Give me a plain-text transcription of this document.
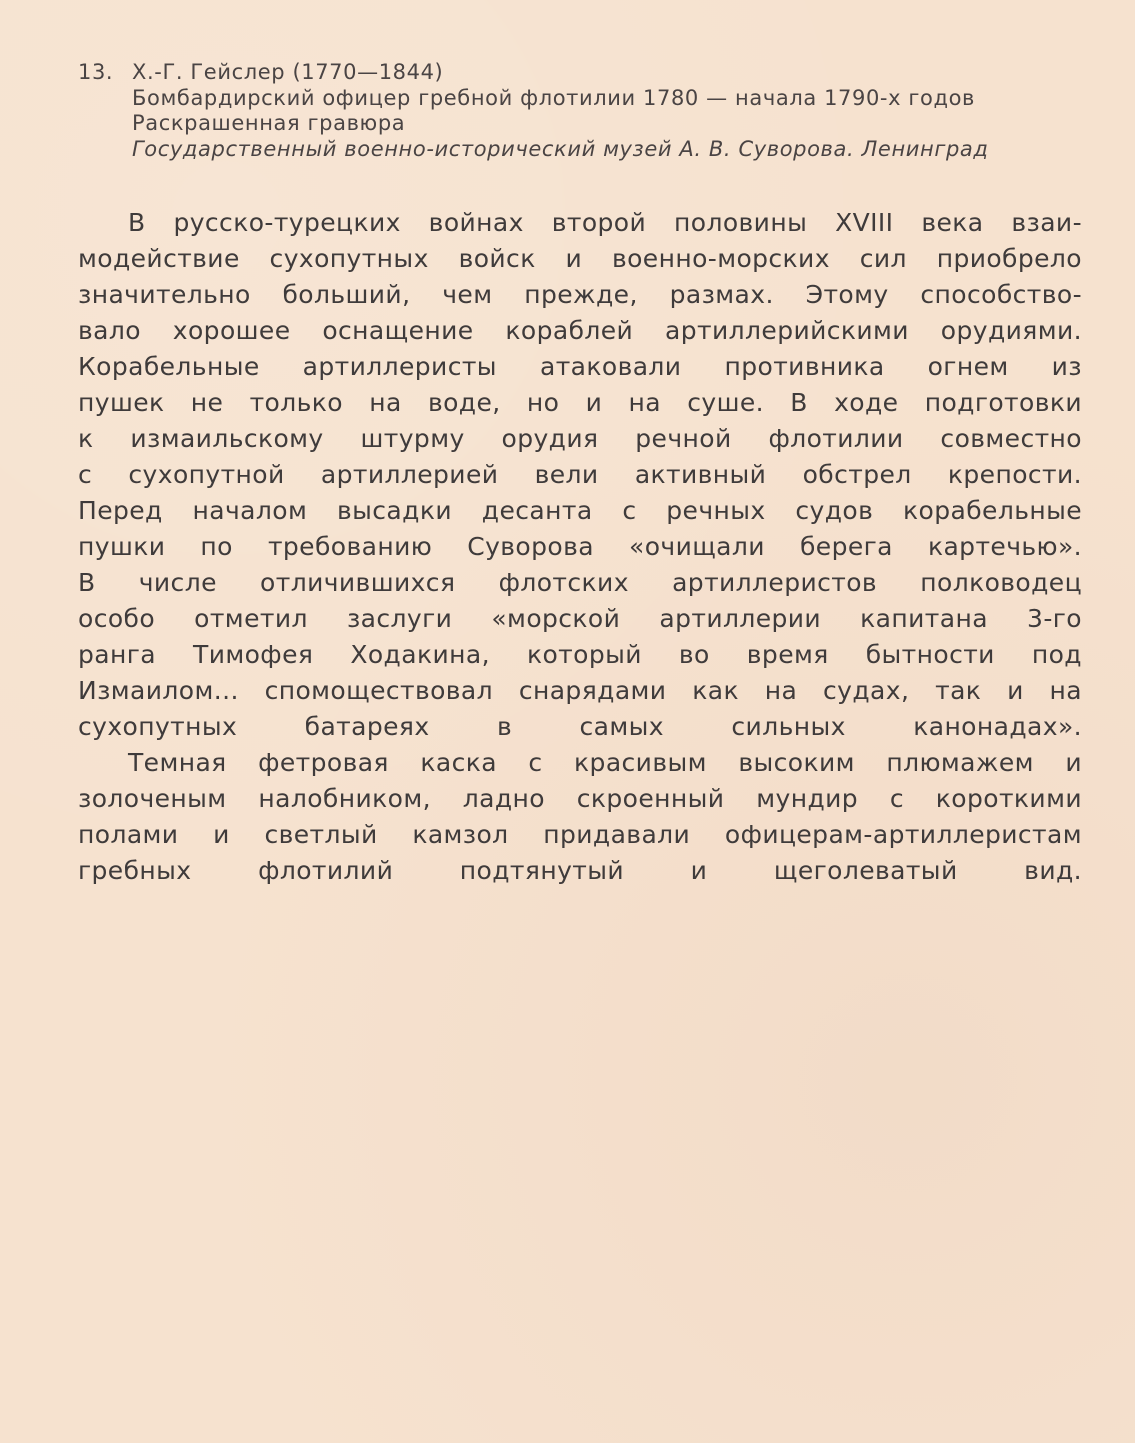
13. Х.-Г. Гейслер (1770—1844)
Бомбардирский офицер гребной флотилии 1780 — начала 1790-х годов
Раскрашенная гравюра
Государственный военно-исторический музей А. В. Суворова. Ленинград

В русско-турецких войнах второй половины XVIII века взаи-
модействие сухопутных войск и военно-морских сил приобрело
значительно больший, чем прежде, размах. Этому способство-
вало хорошее оснащение кораблей артиллерийскими орудиями.
Корабельные артиллеристы атаковали противника огнем из
пушек не только на воде, но и на суше. В ходе подготовки
к измаильскому штурму орудия речной флотилии совместно
с сухопутной артиллерией вели активный обстрел крепости.
Перед началом высадки десанта с речных судов корабельные
пушки по требованию Суворова «очищали берега картечью».
В числе отличившихся флотских артиллеристов полководец
особо отметил заслуги «морской артиллерии капитана 3-го
ранга Тимофея Ходакина, который во время бытности под
Измаилом... спомоществовал снарядами как на судах, так и на
сухопутных батареях в самых сильных канонадах».

Темная фетровая каска с красивым высоким плюмажем и
золоченым налобником, ладно скроенный мундир с короткими
полами и светлый камзол придавали офицерам-артиллеристам
гребных флотилий подтянутый и щеголеватый вид.
